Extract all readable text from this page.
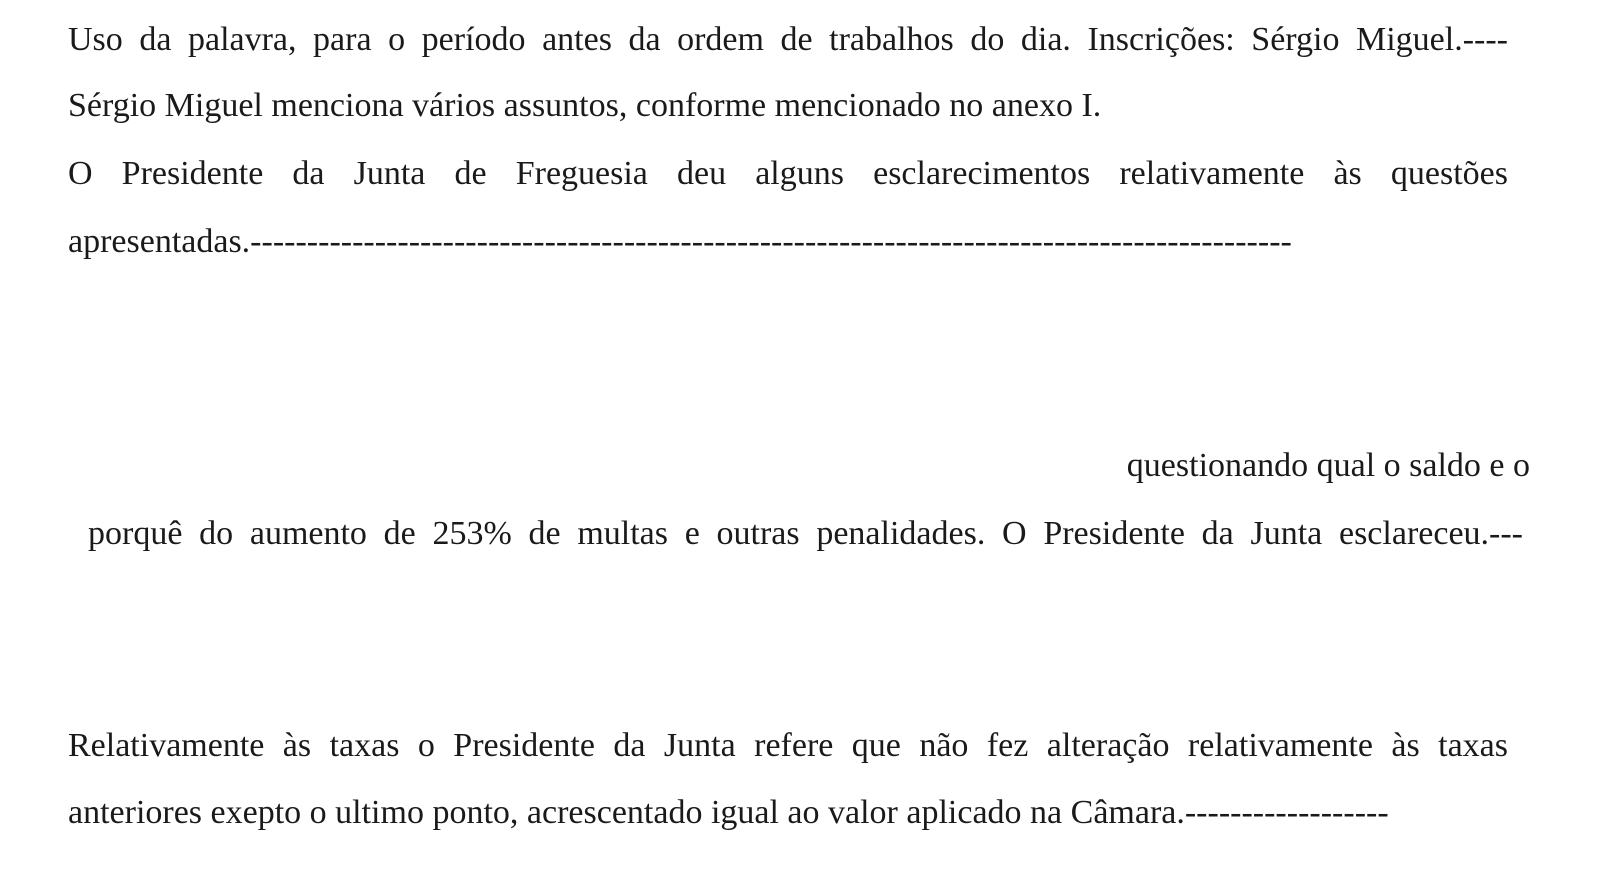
Uso da palavra, para o período antes da ordem de trabalhos do dia. Inscrições: Sérgio Miguel.----
Sérgio Miguel menciona vários assuntos, conforme mencionado no anexo I.
O Presidente da Junta de Freguesia deu alguns esclarecimentos relativamente às questões
apresentadas.--------------------------------------------------------------------------------------------
questionando qual o saldo e o
porquê do aumento de 253% de multas e outras penalidades. O Presidente da Junta esclareceu.---
Relativamente às taxas o Presidente da Junta refere que não fez alteração relativamente às taxas
anteriores exepto o ultimo ponto, acrescentado igual ao valor aplicado na Câmara.------------------
